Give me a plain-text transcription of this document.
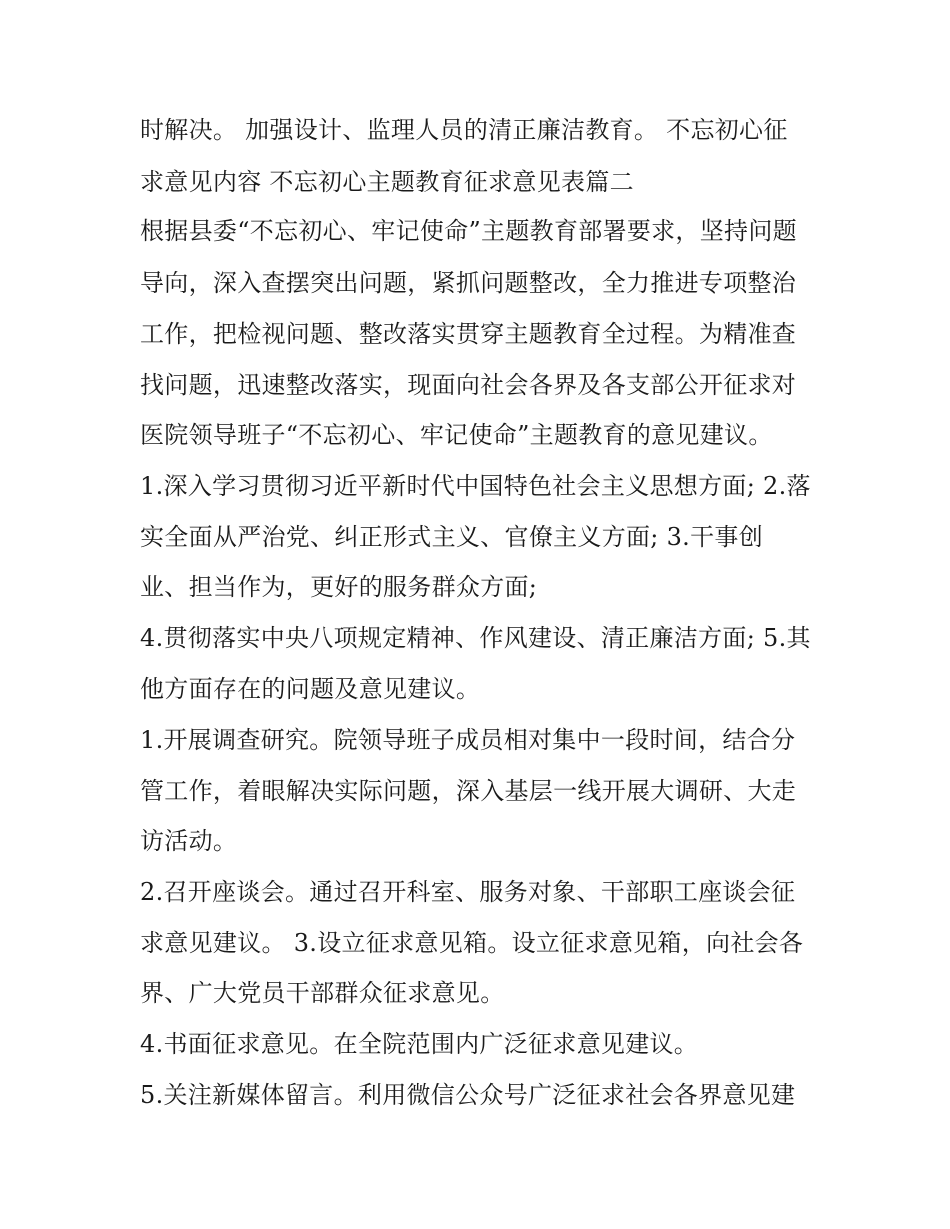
时解决。 加强设计、监理人员的清正廉洁教育。 不忘初心征
求意见内容 不忘初心主题教育征求意见表篇二
根据县委“不忘初心、牢记使命”主题教育部署要求，坚持问题
导向，深入查摆突出问题，紧抓问题整改，全力推进专项整治
工作，把检视问题、整改落实贯穿主题教育全过程。为精准查
找问题，迅速整改落实，现面向社会各界及各支部公开征求对
医院领导班子“不忘初心、牢记使命”主题教育的意见建议。
1.深入学习贯彻习近平新时代中国特色社会主义思想方面; 2.落
实全面从严治党、纠正形式主义、官僚主义方面; 3.干事创
业、担当作为，更好的服务群众方面;
4.贯彻落实中央八项规定精神、作风建设、清正廉洁方面; 5.其
他方面存在的问题及意见建议。
1.开展调查研究。院领导班子成员相对集中一段时间，结合分
管工作，着眼解决实际问题，深入基层一线开展大调研、大走
访活动。
2.召开座谈会。通过召开科室、服务对象、干部职工座谈会征
求意见建议。 3.设立征求意见箱。设立征求意见箱，向社会各
界、广大党员干部群众征求意见。
4.书面征求意见。在全院范围内广泛征求意见建议。
5.关注新媒体留言。利用微信公众号广泛征求社会各界意见建
